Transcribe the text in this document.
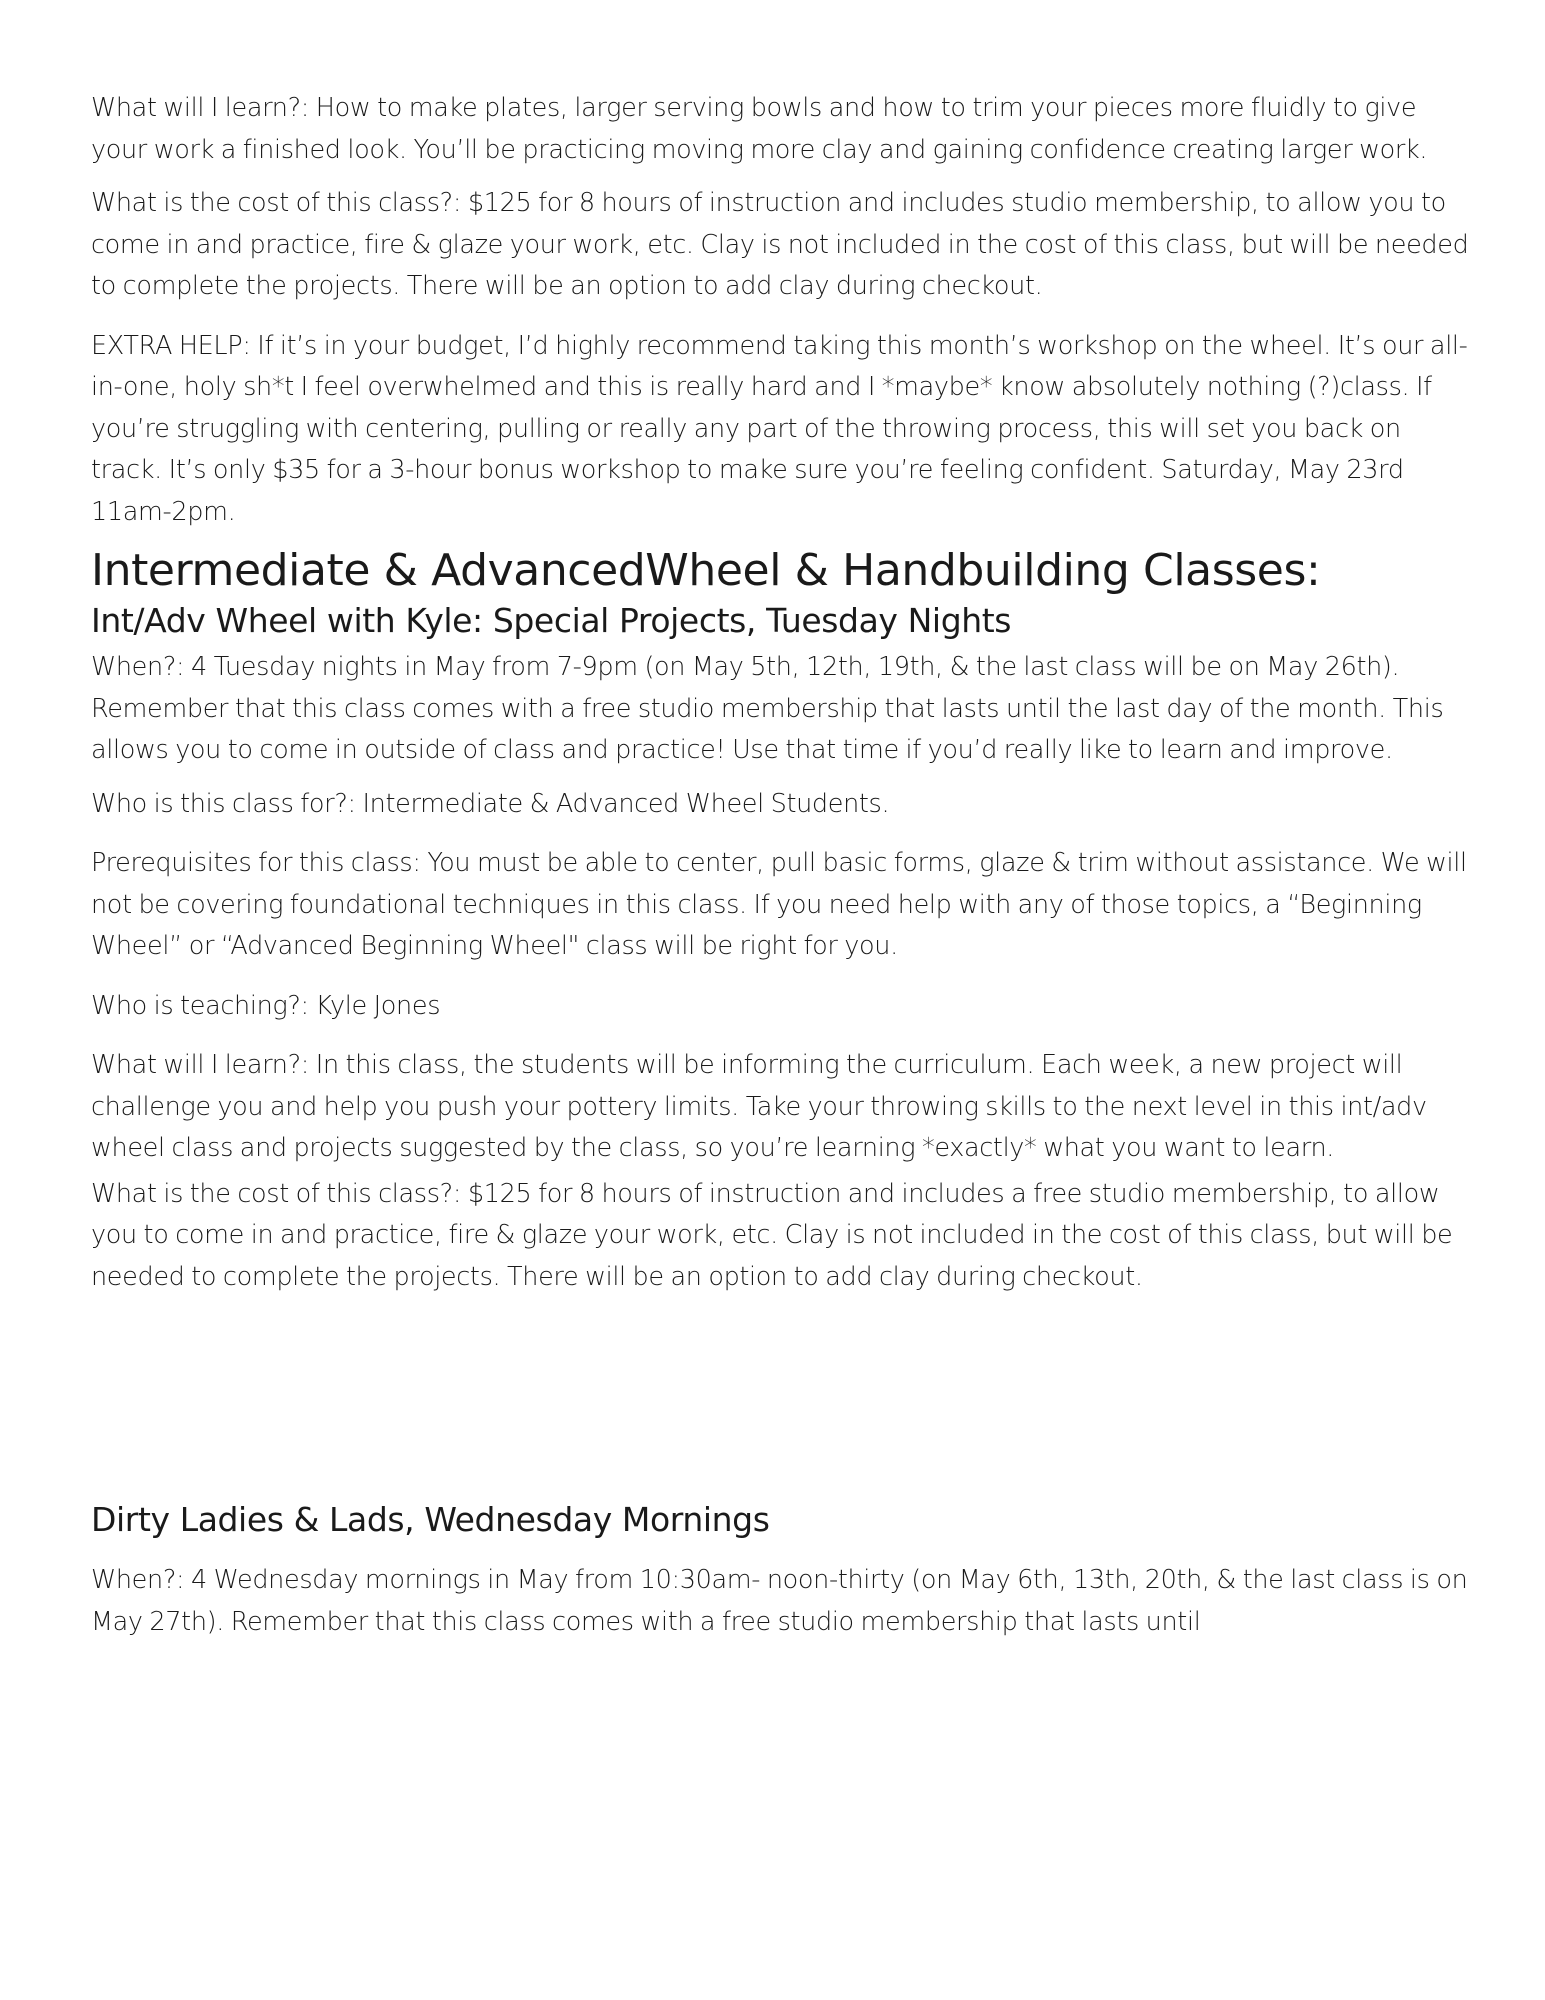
What will I learn?: How to make plates, larger serving bowls and how to trim your pieces more fluidly to give your work a finished look. You’ll be practicing moving more clay and gaining confidence creating larger work.

What is the cost of this class?: $125 for 8 hours of instruction and includes studio membership, to allow you to come in and practice, fire & glaze your work, etc. Clay is not included in the cost of this class, but will be needed to complete the projects. There will be an option to add clay during checkout.

EXTRA HELP: If it’s in your budget, I’d highly recommend taking this month’s workshop on the wheel. It’s our all-in-one, holy sh*t I feel overwhelmed and this is really hard and I *maybe* know absolutely nothing (?)class. If you’re struggling with centering, pulling or really any part of the throwing process, this will set you back on track. It’s only $35 for a 3-hour bonus workshop to make sure you’re feeling confident. Saturday, May 23rd 11am-2pm.

Intermediate & AdvancedWheel & Handbuilding Classes:
Int/Adv Wheel with Kyle: Special Projects, Tuesday Nights

When?: 4 Tuesday nights in May from 7-9pm (on May 5th, 12th, 19th, & the last class will be on May 26th). Remember that this class comes with a free studio membership that lasts until the last day of the month. This allows you to come in outside of class and practice! Use that time if you’d really like to learn and improve.

Who is this class for?: Intermediate & Advanced Wheel Students.

Prerequisites for this class: You must be able to center, pull basic forms, glaze & trim without assistance. We will not be covering foundational techniques in this class. If you need help with any of those topics, a “Beginning Wheel” or “Advanced Beginning Wheel" class will be right for you.

Who is teaching?: Kyle Jones

What will I learn?: In this class, the students will be informing the curriculum. Each week, a new project will challenge you and help you push your pottery limits. Take your throwing skills to the next level in this int/adv wheel class and projects suggested by the class, so you’re learning *exactly* what you want to learn.

What is the cost of this class?: $125 for 8 hours of instruction and includes a free studio membership, to allow you to come in and practice, fire & glaze your work, etc. Clay is not included in the cost of this class, but will be needed to complete the projects. There will be an option to add clay during checkout.

Dirty Ladies & Lads, Wednesday Mornings

When?: 4 Wednesday mornings in May from 10:30am- noon-thirty (on May 6th, 13th, 20th, & the last class is on May 27th). Remember that this class comes with a free studio membership that lasts until
